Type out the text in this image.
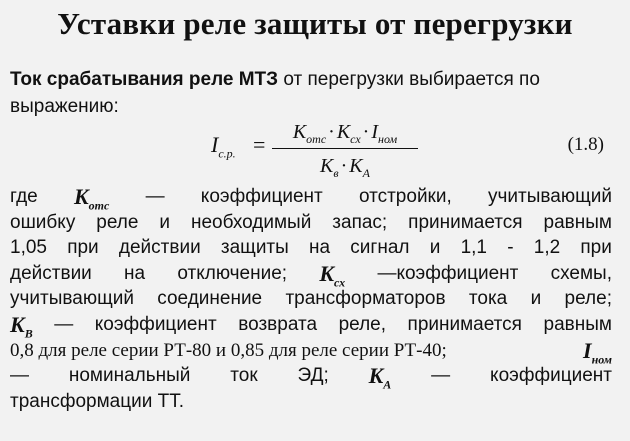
Уставки реле защиты от перегрузки
Ток срабатывания реле МТЗ от перегрузки выбирается по
выражению:
$I_{с.р.}$ =	$K_{отс} \cdot K_{сх} \cdot I_{ном}$
$K_в \cdot K_А$
(1.8)
где $K_{отс}$ — коэффициент отстройки, учитывающий
ошибку реле и необходимый запас; принимается равным
1,05 при действии защиты на сигнал и 1,1 - 1,2 при
действии на отключение; $K_{сх}$ —коэффициент схемы,
учитывающий соединение трансформаторов тока и реле;
$K_В$ — коэффициент возврата реле, принимается равным
0,8 для реле серии РТ-80 и 0,85 для реле серии РТ-40;	$I_{ном}$
— номинальный ток ЭД; $K_А$ — коэффициент
трансформации ТТ.
